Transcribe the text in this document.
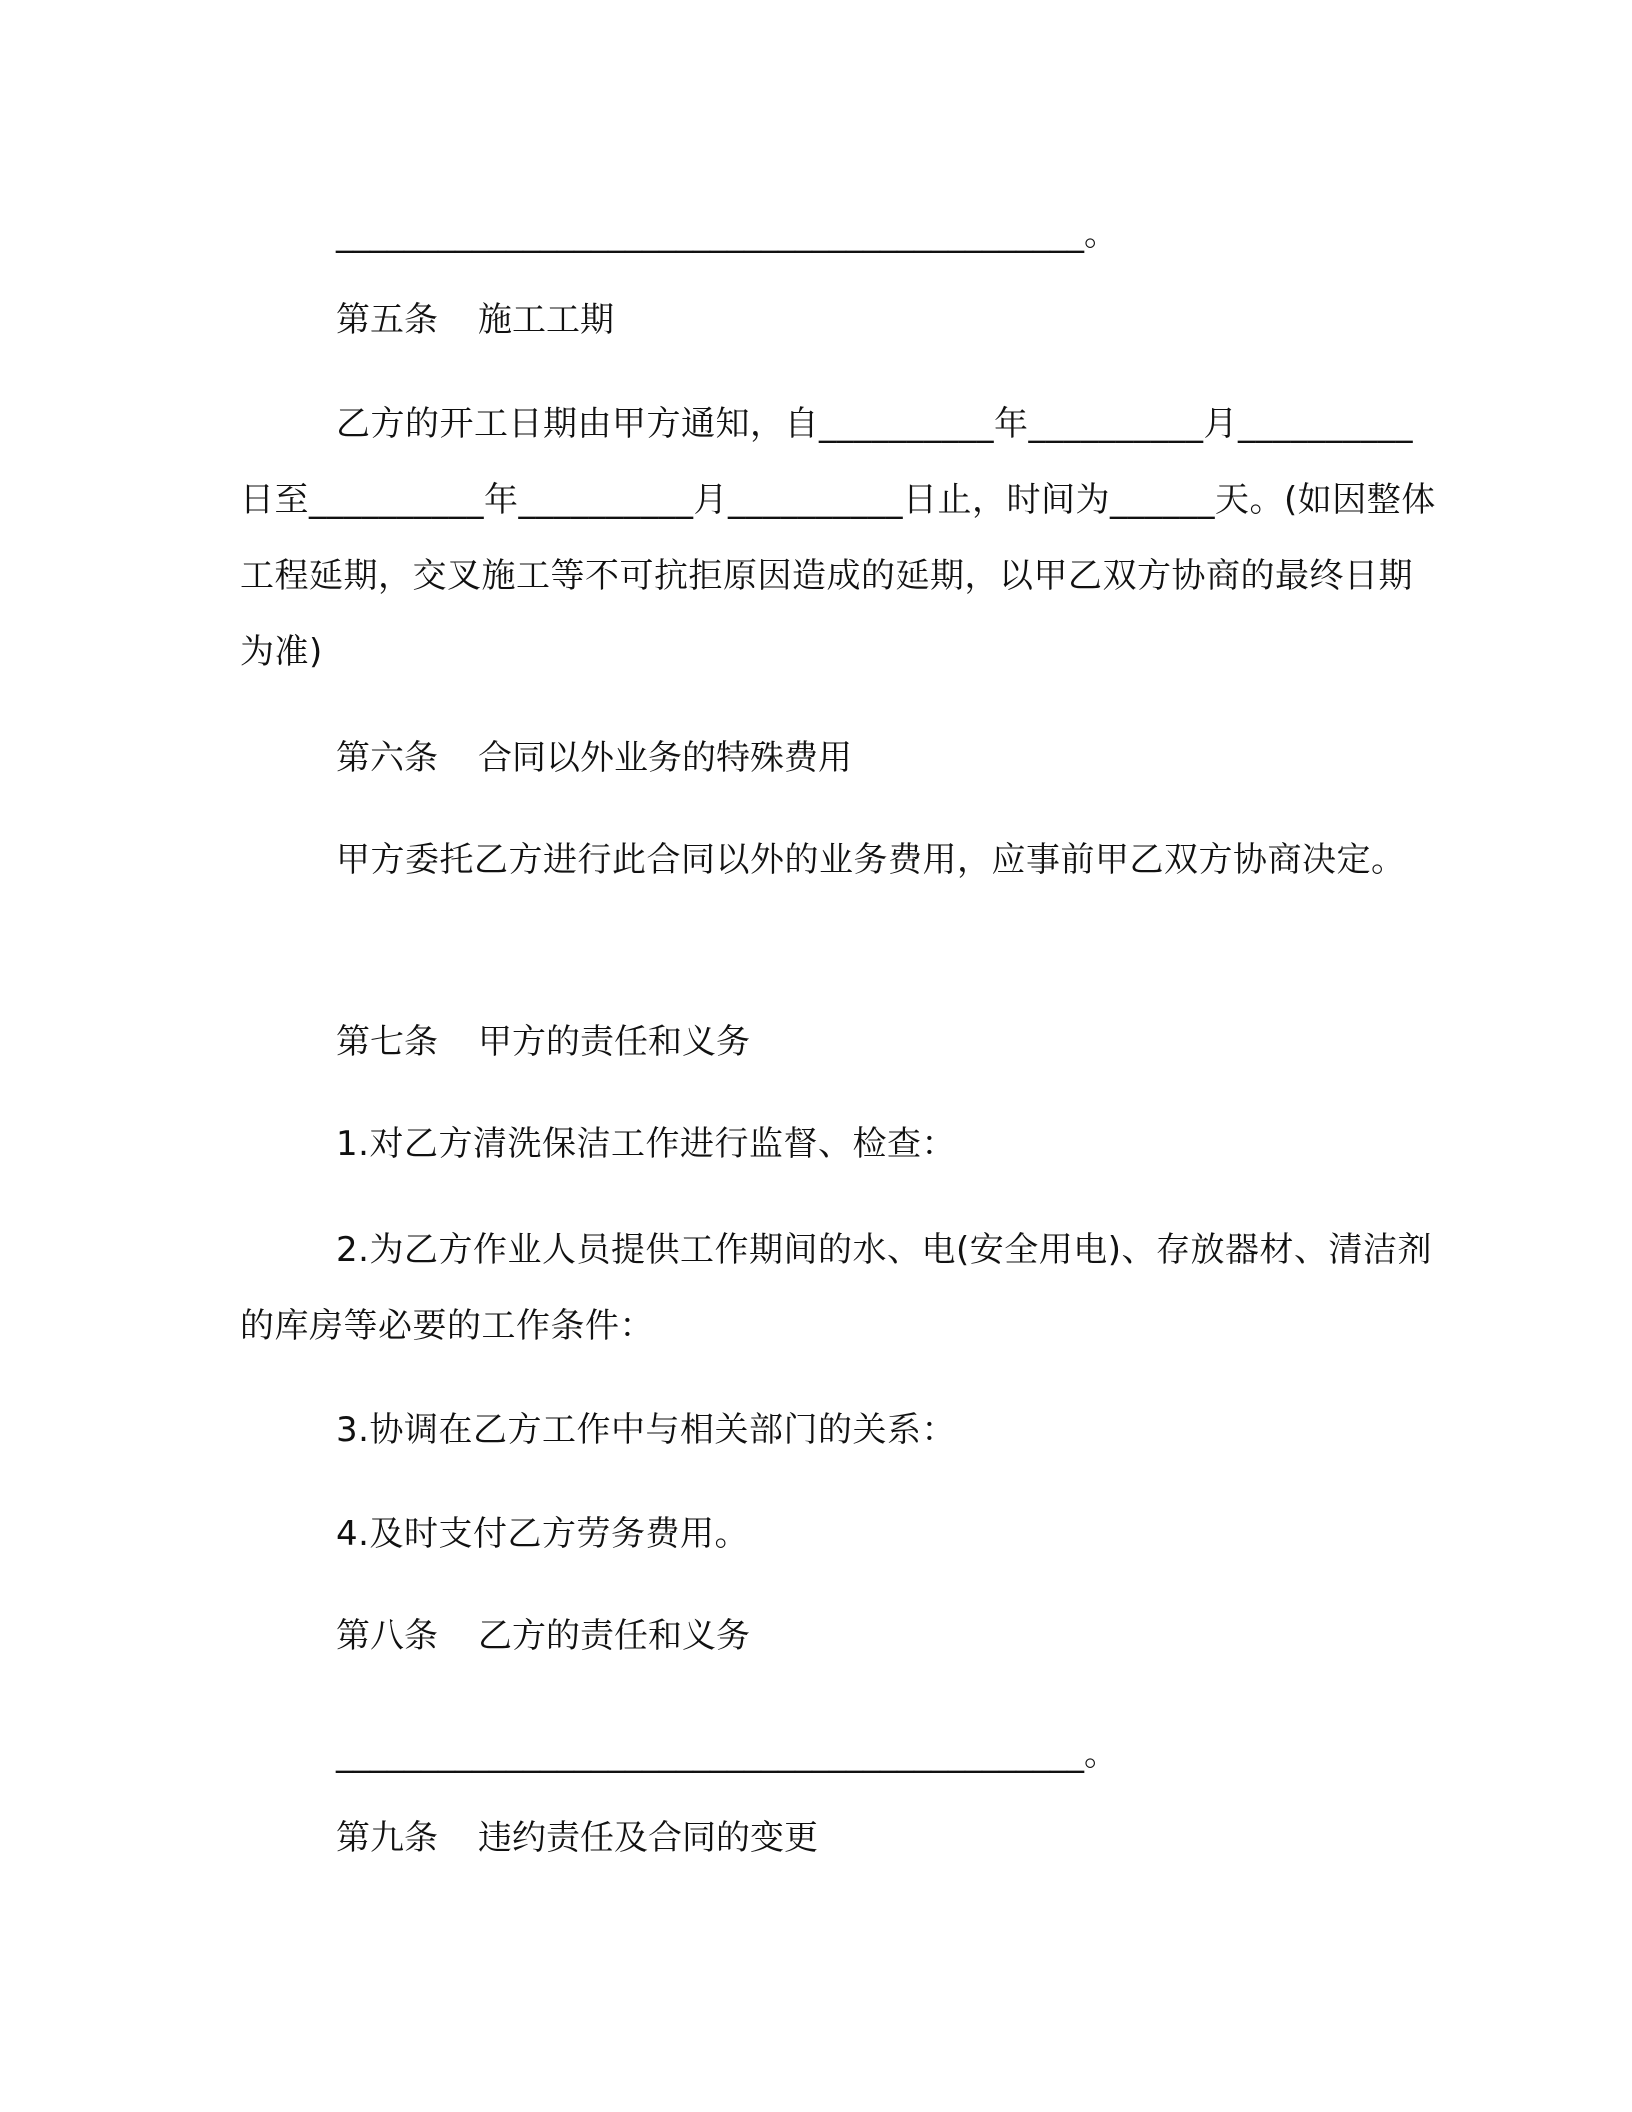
____________________________________________。

第五条 施工工期

乙方的开工日期由甲方通知，自__________年__________月__________日至__________年__________月__________日止，时间为______天。(如因整体工程延期，交叉施工等不可抗拒原因造成的延期，以甲乙双方协商的最终日期为准)

第六条 合同以外业务的特殊费用

甲方委托乙方进行此合同以外的业务费用，应事前甲乙双方协商决定。

第七条 甲方的责任和义务

1.对乙方清洗保洁工作进行监督、检查：

2.为乙方作业人员提供工作期间的水、电(安全用电)、存放器材、清洁剂的库房等必要的工作条件：

3.协调在乙方工作中与相关部门的关系：

4.及时支付乙方劳务费用。

第八条 乙方的责任和义务

____________________________________________。

第九条 违约责任及合同的变更
